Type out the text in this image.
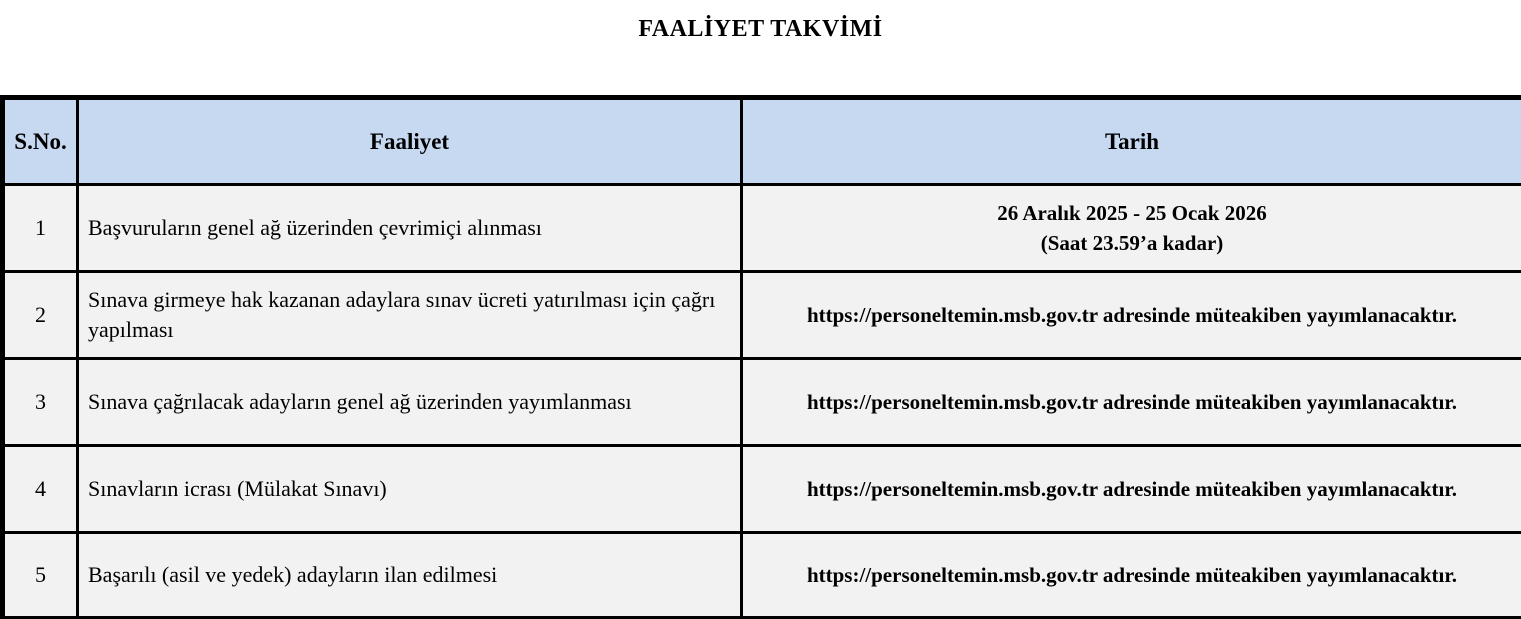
FAALİYET TAKVİMİ
S.No.	Faaliyet	Tarih
1	Başvuruların genel ağ üzerinden çevrimiçi alınması	26 Aralık 2025 - 25 Ocak 2026
(Saat 23.59’a kadar)

2	Sınava girmeye hak kazanan adaylara sınav ücreti yatırılması için çağrı yapılması	https://personeltemin.msb.gov.tr adresinde müteakiben yayımlanacaktır.
3	Sınava çağrılacak adayların genel ağ üzerinden yayımlanması	https://personeltemin.msb.gov.tr adresinde müteakiben yayımlanacaktır.
4	Sınavların icrası (Mülakat Sınavı)	https://personeltemin.msb.gov.tr adresinde müteakiben yayımlanacaktır.
5	Başarılı (asil ve yedek) adayların ilan edilmesi	https://personeltemin.msb.gov.tr adresinde müteakiben yayımlanacaktır.
